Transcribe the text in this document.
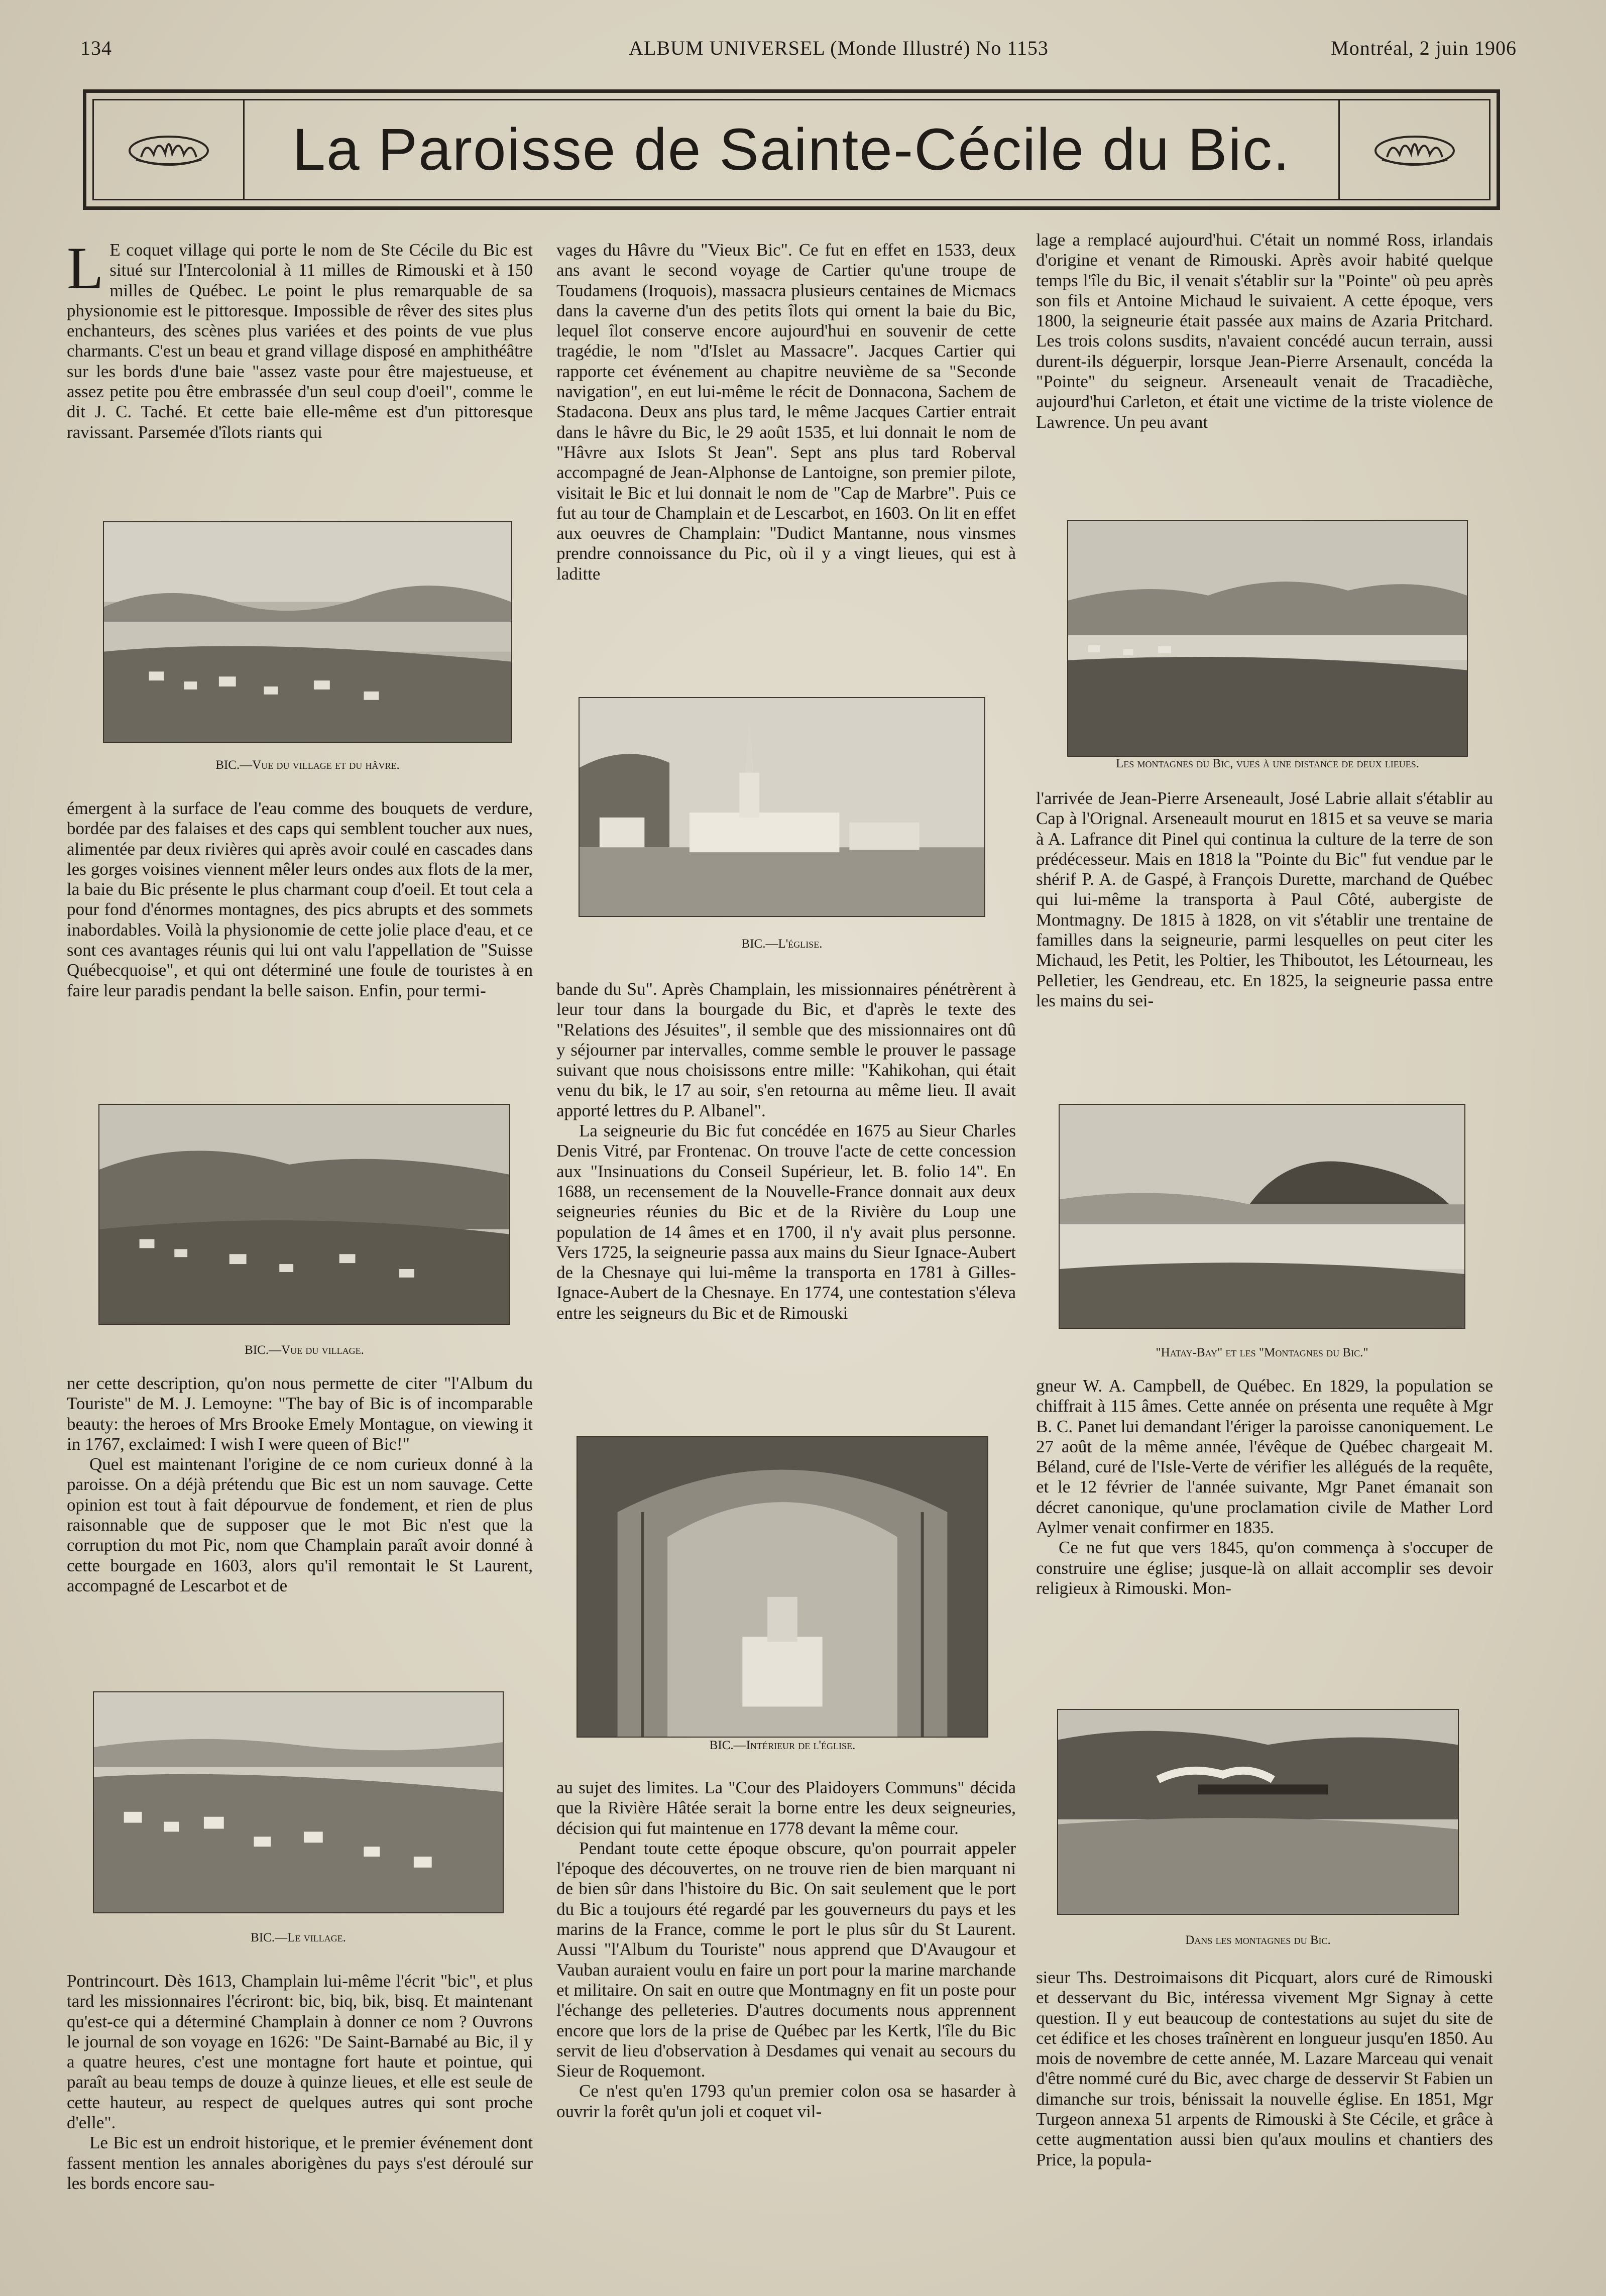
134	ALBUM UNIVERSEL (Monde Illustré) No 1153	Montréal, 2 juin 1906
La Paroisse de Sainte-Cécile du Bic.

L E coquet village qui porte le nom de Ste Cécile du Bic est situé sur l'Intercolonial à 11 milles de Rimouski et à 150 milles de Québec. Le point le plus remarquable de sa physionomie est le pittoresque. Impossible de rêver des sites plus enchanteurs, des scènes plus variées et des points de vue plus charmants. C'est un beau et grand village disposé en amphithéâtre sur les bords d'une baie "assez vaste pour être majestueuse, et assez petite pou être embrassée d'un seul coup d'oeil", comme le dit J. C. Taché. Et cette baie elle-même est d'un pittoresque ravissant. Parsemée d'îlots riants qui

BIC.—Vue du village et du hâvre.

émergent à la surface de l'eau comme des bouquets de verdure, bordée par des falaises et des caps qui semblent toucher aux nues, alimentée par deux rivières qui après avoir coulé en cascades dans les gorges voisines viennent mêler leurs ondes aux flots de la mer, la baie du Bic présente le plus charmant coup d'oeil. Et tout cela a pour fond d'énormes montagnes, des pics abrupts et des sommets inabordables. Voilà la physionomie de cette jolie place d'eau, et ce sont ces avantages réunis qui lui ont valu l'appellation de "Suisse Québecquoise", et qui ont déterminé une foule de touristes à en faire leur paradis pendant la belle saison. Enfin, pour termi-

BIC.—Vue du village.

ner cette description, qu'on nous permette de citer "l'Album du Touriste" de M. J. Lemoyne: "The bay of Bic is of incomparable beauty: the heroes of Mrs Brooke Emely Montague, on viewing it in 1767, exclaimed: I wish I were queen of Bic!"

Quel est maintenant l'origine de ce nom curieux donné à la paroisse. On a déjà prétendu que Bic est un nom sauvage. Cette opinion est tout à fait dépourvue de fondement, et rien de plus raisonnable que de supposer que le mot Bic n'est que la corruption du mot Pic, nom que Champlain paraît avoir donné à cette bourgade en 1603, alors qu'il remontait le St Laurent, accompagné de Lescarbot et de

BIC.—Le village.

Pontrincourt. Dès 1613, Champlain lui-même l'écrit "bic", et plus tard les missionnaires l'écriront: bic, biq, bik, bisq. Et maintenant qu'est-ce qui a déterminé Champlain à donner ce nom ? Ouvrons le journal de son voyage en 1626: "De Saint-Barnabé au Bic, il y a quatre heures, c'est une montagne fort haute et pointue, qui paraît au beau temps de douze à quinze lieues, et elle est seule de cette hauteur, au respect de quelques autres qui sont proche d'elle".

Le Bic est un endroit historique, et le premier événement dont fassent mention les annales aborigènes du pays s'est déroulé sur les bords encore sau-

vages du Hâvre du "Vieux Bic". Ce fut en effet en 1533, deux ans avant le second voyage de Cartier qu'une troupe de Toudamens (Iroquois), massacra plusieurs centaines de Micmacs dans la caverne d'un des petits îlots qui ornent la baie du Bic, lequel îlot conserve encore aujourd'hui en souvenir de cette tragédie, le nom "d'Islet au Massacre". Jacques Cartier qui rapporte cet événement au chapitre neuvième de sa "Seconde navigation", en eut lui-même le récit de Donnacona, Sachem de Stadacona. Deux ans plus tard, le même Jacques Cartier entrait dans le hâvre du Bic, le 29 août 1535, et lui donnait le nom de "Hâvre aux Islots St Jean". Sept ans plus tard Roberval accompagné de Jean-Alphonse de Lantoigne, son premier pilote, visitait le Bic et lui donnait le nom de "Cap de Marbre". Puis ce fut au tour de Champlain et de Lescarbot, en 1603. On lit en effet aux oeuvres de Champlain: "Dudict Mantanne, nous vinsmes prendre connoissance du Pic, où il y a vingt lieues, qui est à laditte

BIC.—L'église.

bande du Su". Après Champlain, les missionnaires pénétrèrent à leur tour dans la bourgade du Bic, et d'après le texte des "Relations des Jésuites", il semble que des missionnaires ont dû y séjourner par intervalles, comme semble le prouver le passage suivant que nous choisissons entre mille: "Kahikohan, qui était venu du bik, le 17 au soir, s'en retourna au même lieu. Il avait apporté lettres du P. Albanel".

La seigneurie du Bic fut concédée en 1675 au Sieur Charles Denis Vitré, par Frontenac. On trouve l'acte de cette concession aux "Insinuations du Conseil Supérieur, let. B. folio 14". En 1688, un recensement de la Nouvelle-France donnait aux deux seigneuries réunies du Bic et de la Rivière du Loup une population de 14 âmes et en 1700, il n'y avait plus personne. Vers 1725, la seigneurie passa aux mains du Sieur Ignace-Aubert de la Chesnaye qui lui-même la transporta en 1781 à Gilles-Ignace-Aubert de la Chesnaye. En 1774, une contestation s'éleva entre les seigneurs du Bic et de Rimouski

BIC.—Intérieur de l'église.

au sujet des limites. La "Cour des Plaidoyers Communs" décida que la Rivière Hâtée serait la borne entre les deux seigneuries, décision qui fut maintenue en 1778 devant la même cour.

Pendant toute cette époque obscure, qu'on pourrait appeler l'époque des découvertes, on ne trouve rien de bien marquant ni de bien sûr dans l'histoire du Bic. On sait seulement que le port du Bic a toujours été regardé par les gouverneurs du pays et les marins de la France, comme le port le plus sûr du St Laurent. Aussi "l'Album du Touriste" nous apprend que D'Avaugour et Vauban auraient voulu en faire un port pour la marine marchande et militaire. On sait en outre que Montmagny en fit un poste pour l'échange des pelleteries. D'autres documents nous apprennent encore que lors de la prise de Québec par les Kertk, l'île du Bic servit de lieu d'observation à Desdames qui venait au secours du Sieur de Roquemont.

Ce n'est qu'en 1793 qu'un premier colon osa se hasarder à ouvrir la forêt qu'un joli et coquet vil-

lage a remplacé aujourd'hui. C'était un nommé Ross, irlandais d'origine et venant de Rimouski. Après avoir habité quelque temps l'île du Bic, il venait s'établir sur la "Pointe" où peu après son fils et Antoine Michaud le suivaient. A cette époque, vers 1800, la seigneurie était passée aux mains de Azaria Pritchard. Les trois colons susdits, n'avaient concédé aucun terrain, aussi durent-ils déguerpir, lorsque Jean-Pierre Arsenault, concéda la "Pointe" du seigneur. Arseneault venait de Tracadièche, aujourd'hui Carleton, et était une victime de la triste violence de Lawrence. Un peu avant

Les montagnes du Bic, vues à une distance de deux lieues.

l'arrivée de Jean-Pierre Arseneault, José Labrie allait s'établir au Cap à l'Orignal. Arseneault mourut en 1815 et sa veuve se maria à A. Lafrance dit Pinel qui continua la culture de la terre de son prédécesseur. Mais en 1818 la "Pointe du Bic" fut vendue par le shérif P. A. de Gaspé, à François Durette, marchand de Québec qui lui-même la transporta à Paul Côté, aubergiste de Montmagny. De 1815 à 1828, on vit s'établir une trentaine de familles dans la seigneurie, parmi lesquelles on peut citer les Michaud, les Petit, les Poltier, les Thiboutot, les Létourneau, les Pelletier, les Gendreau, etc. En 1825, la seigneurie passa entre les mains du sei-

"Hatay-Bay" et les "Montagnes du Bic."

gneur W. A. Campbell, de Québec. En 1829, la population se chiffrait à 115 âmes. Cette année on présenta une requête à Mgr B. C. Panet lui demandant l'ériger la paroisse canoniquement. Le 27 août de la même année, l'évêque de Québec chargeait M. Béland, curé de l'Isle-Verte de vérifier les allégués de la requête, et le 12 février de l'année suivante, Mgr Panet émanait son décret canonique, qu'une proclamation civile de Mather Lord Aylmer venait confirmer en 1835.

Ce ne fut que vers 1845, qu'on commença à s'occuper de construire une église; jusque-là on allait accomplir ses devoir religieux à Rimouski. Mon-

Dans les montagnes du Bic.

sieur Ths. Destroimaisons dit Picquart, alors curé de Rimouski et desservant du Bic, intéressa vivement Mgr Signay à cette question. Il y eut beaucoup de contestations au sujet du site de cet édifice et les choses traînèrent en longueur jusqu'en 1850. Au mois de novembre de cette année, M. Lazare Marceau qui venait d'être nommé curé du Bic, avec charge de desservir St Fabien un dimanche sur trois, bénissait la nouvelle église. En 1851, Mgr Turgeon annexa 51 arpents de Rimouski à Ste Cécile, et grâce à cette augmentation aussi bien qu'aux moulins et chantiers des Price, la popula-
